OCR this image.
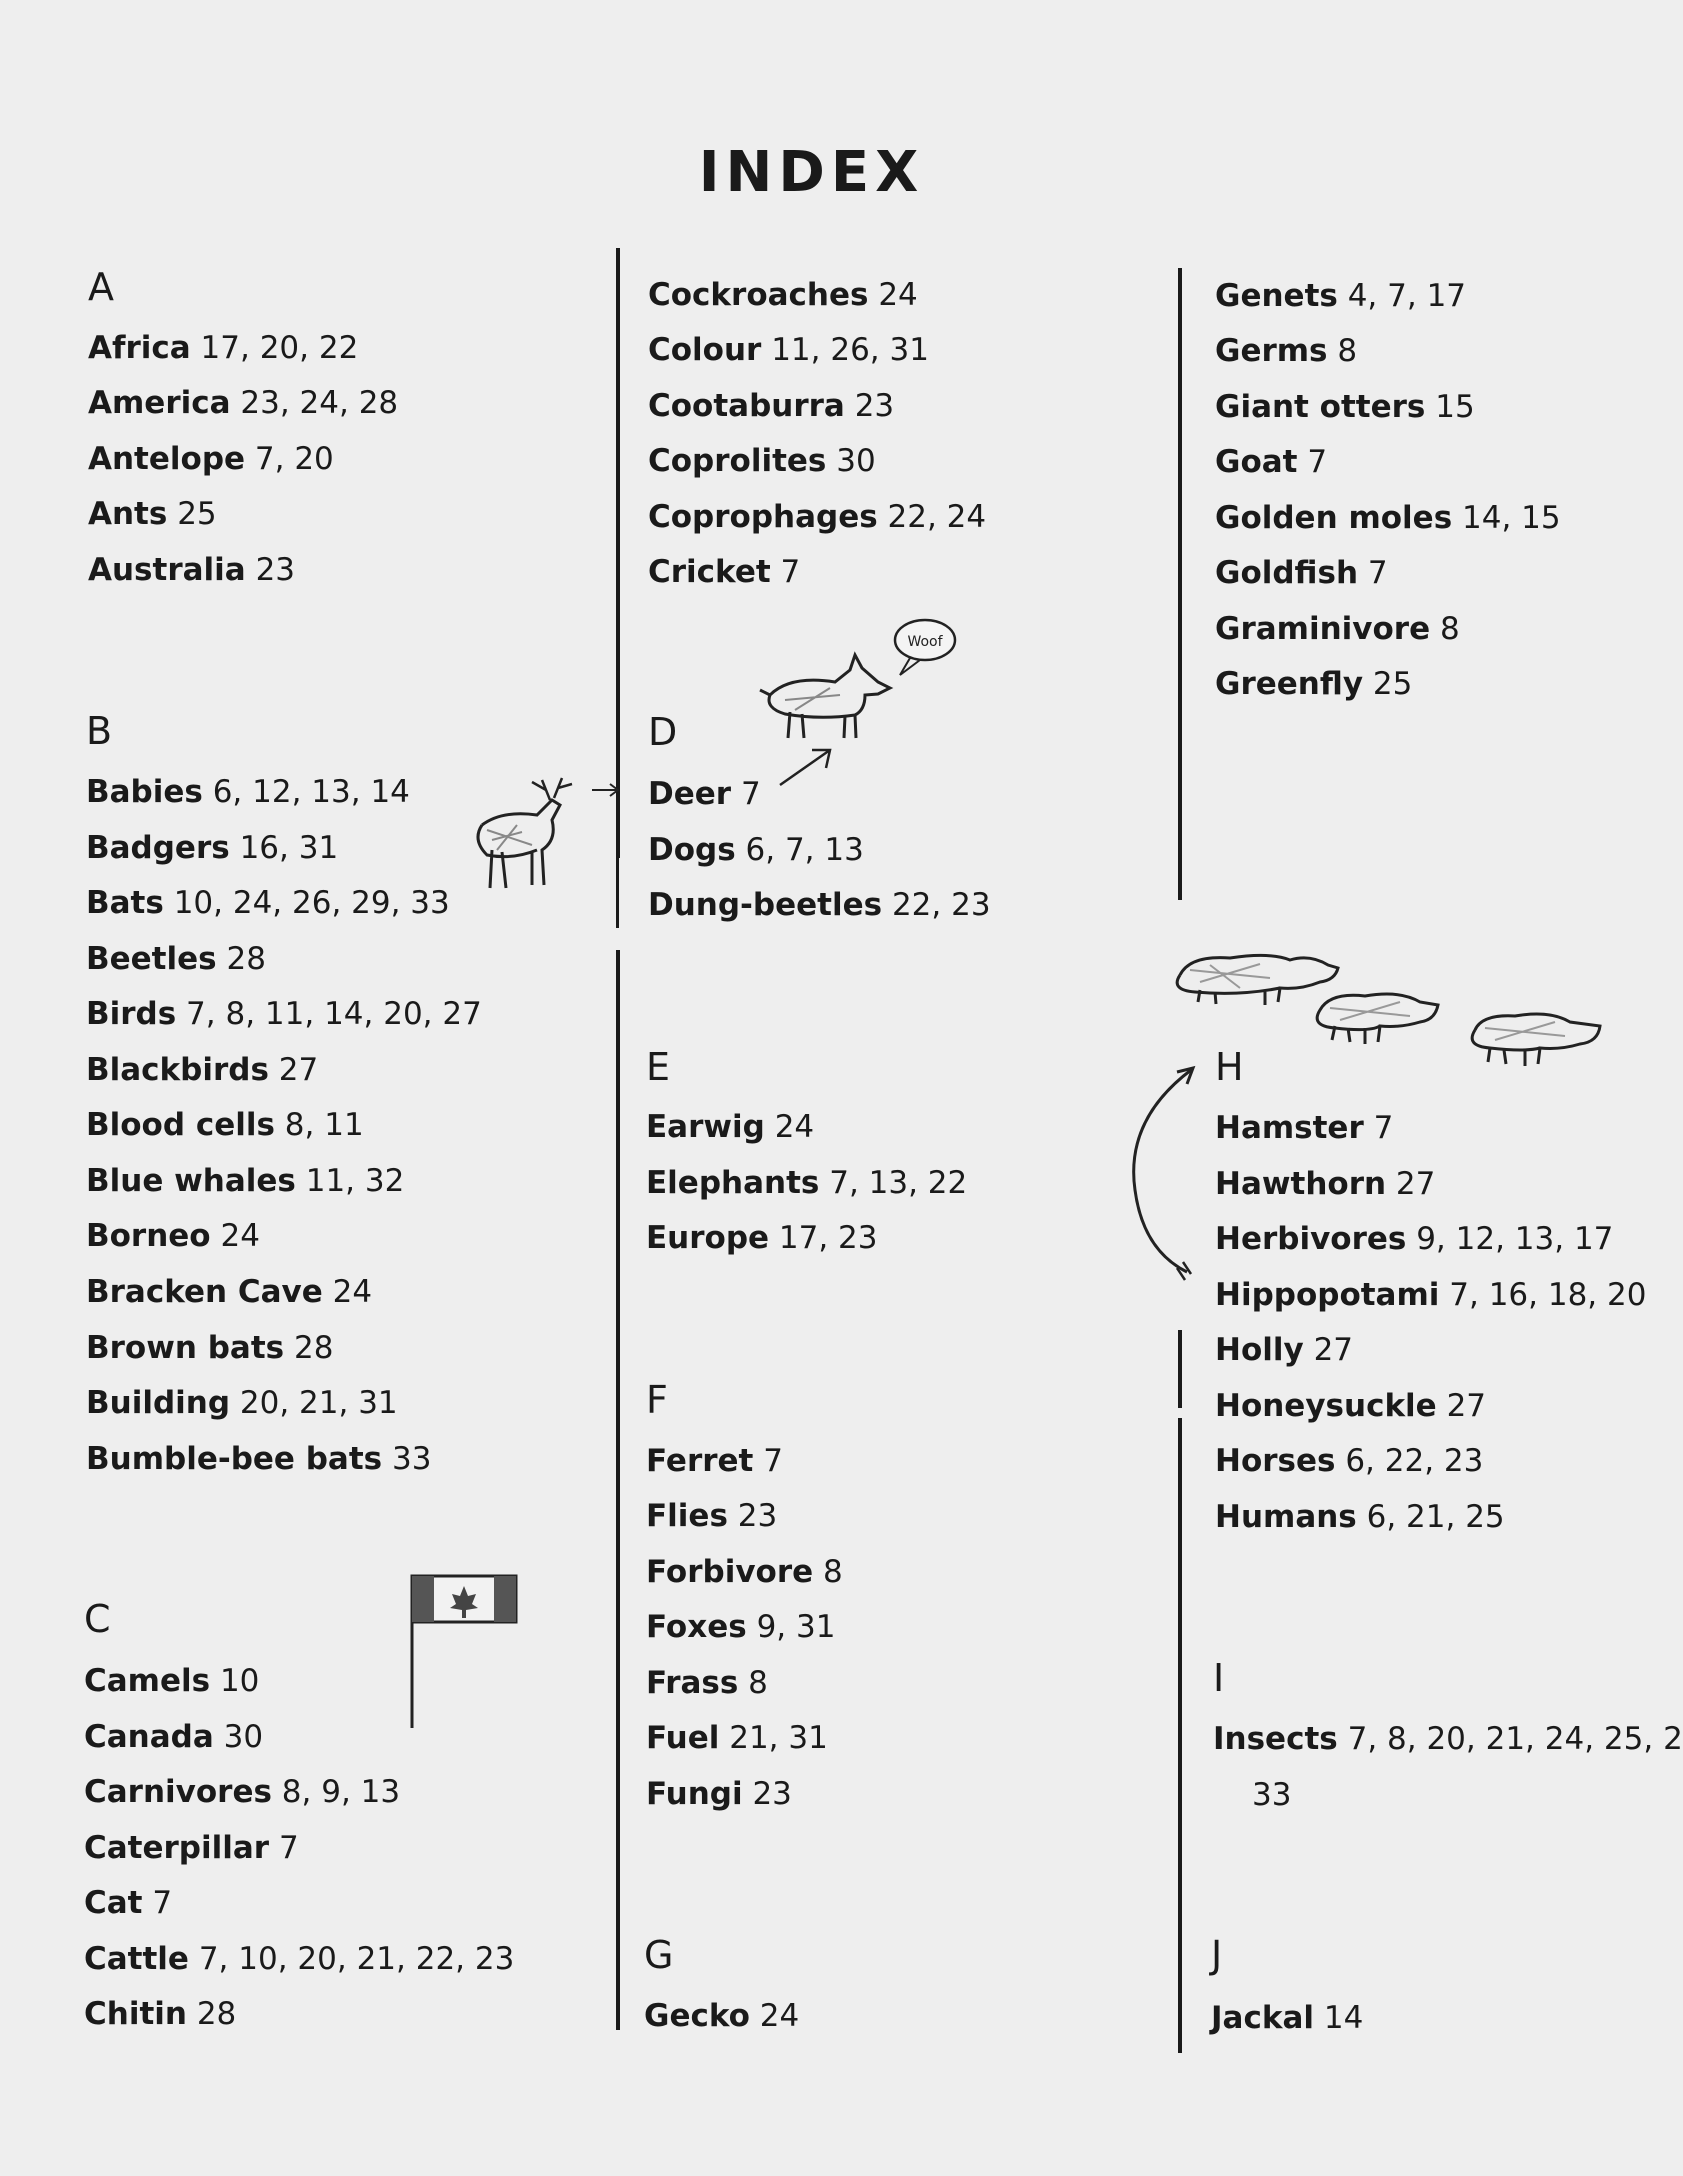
INDEX
A
Africa 17, 20, 22
America 23, 24, 28
Antelope 7, 20
Ants 25
Australia 23
B
Babies 6, 12, 13, 14
Badgers 16, 31
Bats 10, 24, 26, 29, 33
Beetles 28
Birds 7, 8, 11, 14, 20, 27
Blackbirds 27
Blood cells 8, 11
Blue whales 11, 32
Borneo 24
Bracken Cave 24
Brown bats 28
Building 20, 21, 31
Bumble-bee bats 33
C
Camels 10
Canada 30
Carnivores 8, 9, 13
Caterpillar 7
Cat 7
Cattle 7, 10, 20, 21, 22, 23
Chitin 28
Cockroaches 24
Colour 11, 26, 31
Cootaburra 23
Coprolites 30
Coprophages 22, 24
Cricket 7
D
Deer 7
Dogs 6, 7, 13
Dung-beetles 22, 23
E
Earwig 24
Elephants 7, 13, 22
Europe 17, 23
F
Ferret 7
Flies 23
Forbivore 8
Foxes 9, 31
Frass 8
Fuel 21, 31
Fungi 23
G
Gecko 24
Genets 4, 7, 17
Germs 8
Giant otters 15
Goat 7
Golden moles 14, 15
Goldfish 7
Graminivore 8
Greenfly 25
H
Hamster 7
Hawthorn 27
Herbivores 9, 12, 13, 17
Hippopotami 7, 16, 18, 20
Holly 27
Honeysuckle 27
Horses 6, 22, 23
Humans 6, 21, 25
I
Insects 7, 8, 20, 21, 24, 25, 2
33
J
Jackal 14
Woof
